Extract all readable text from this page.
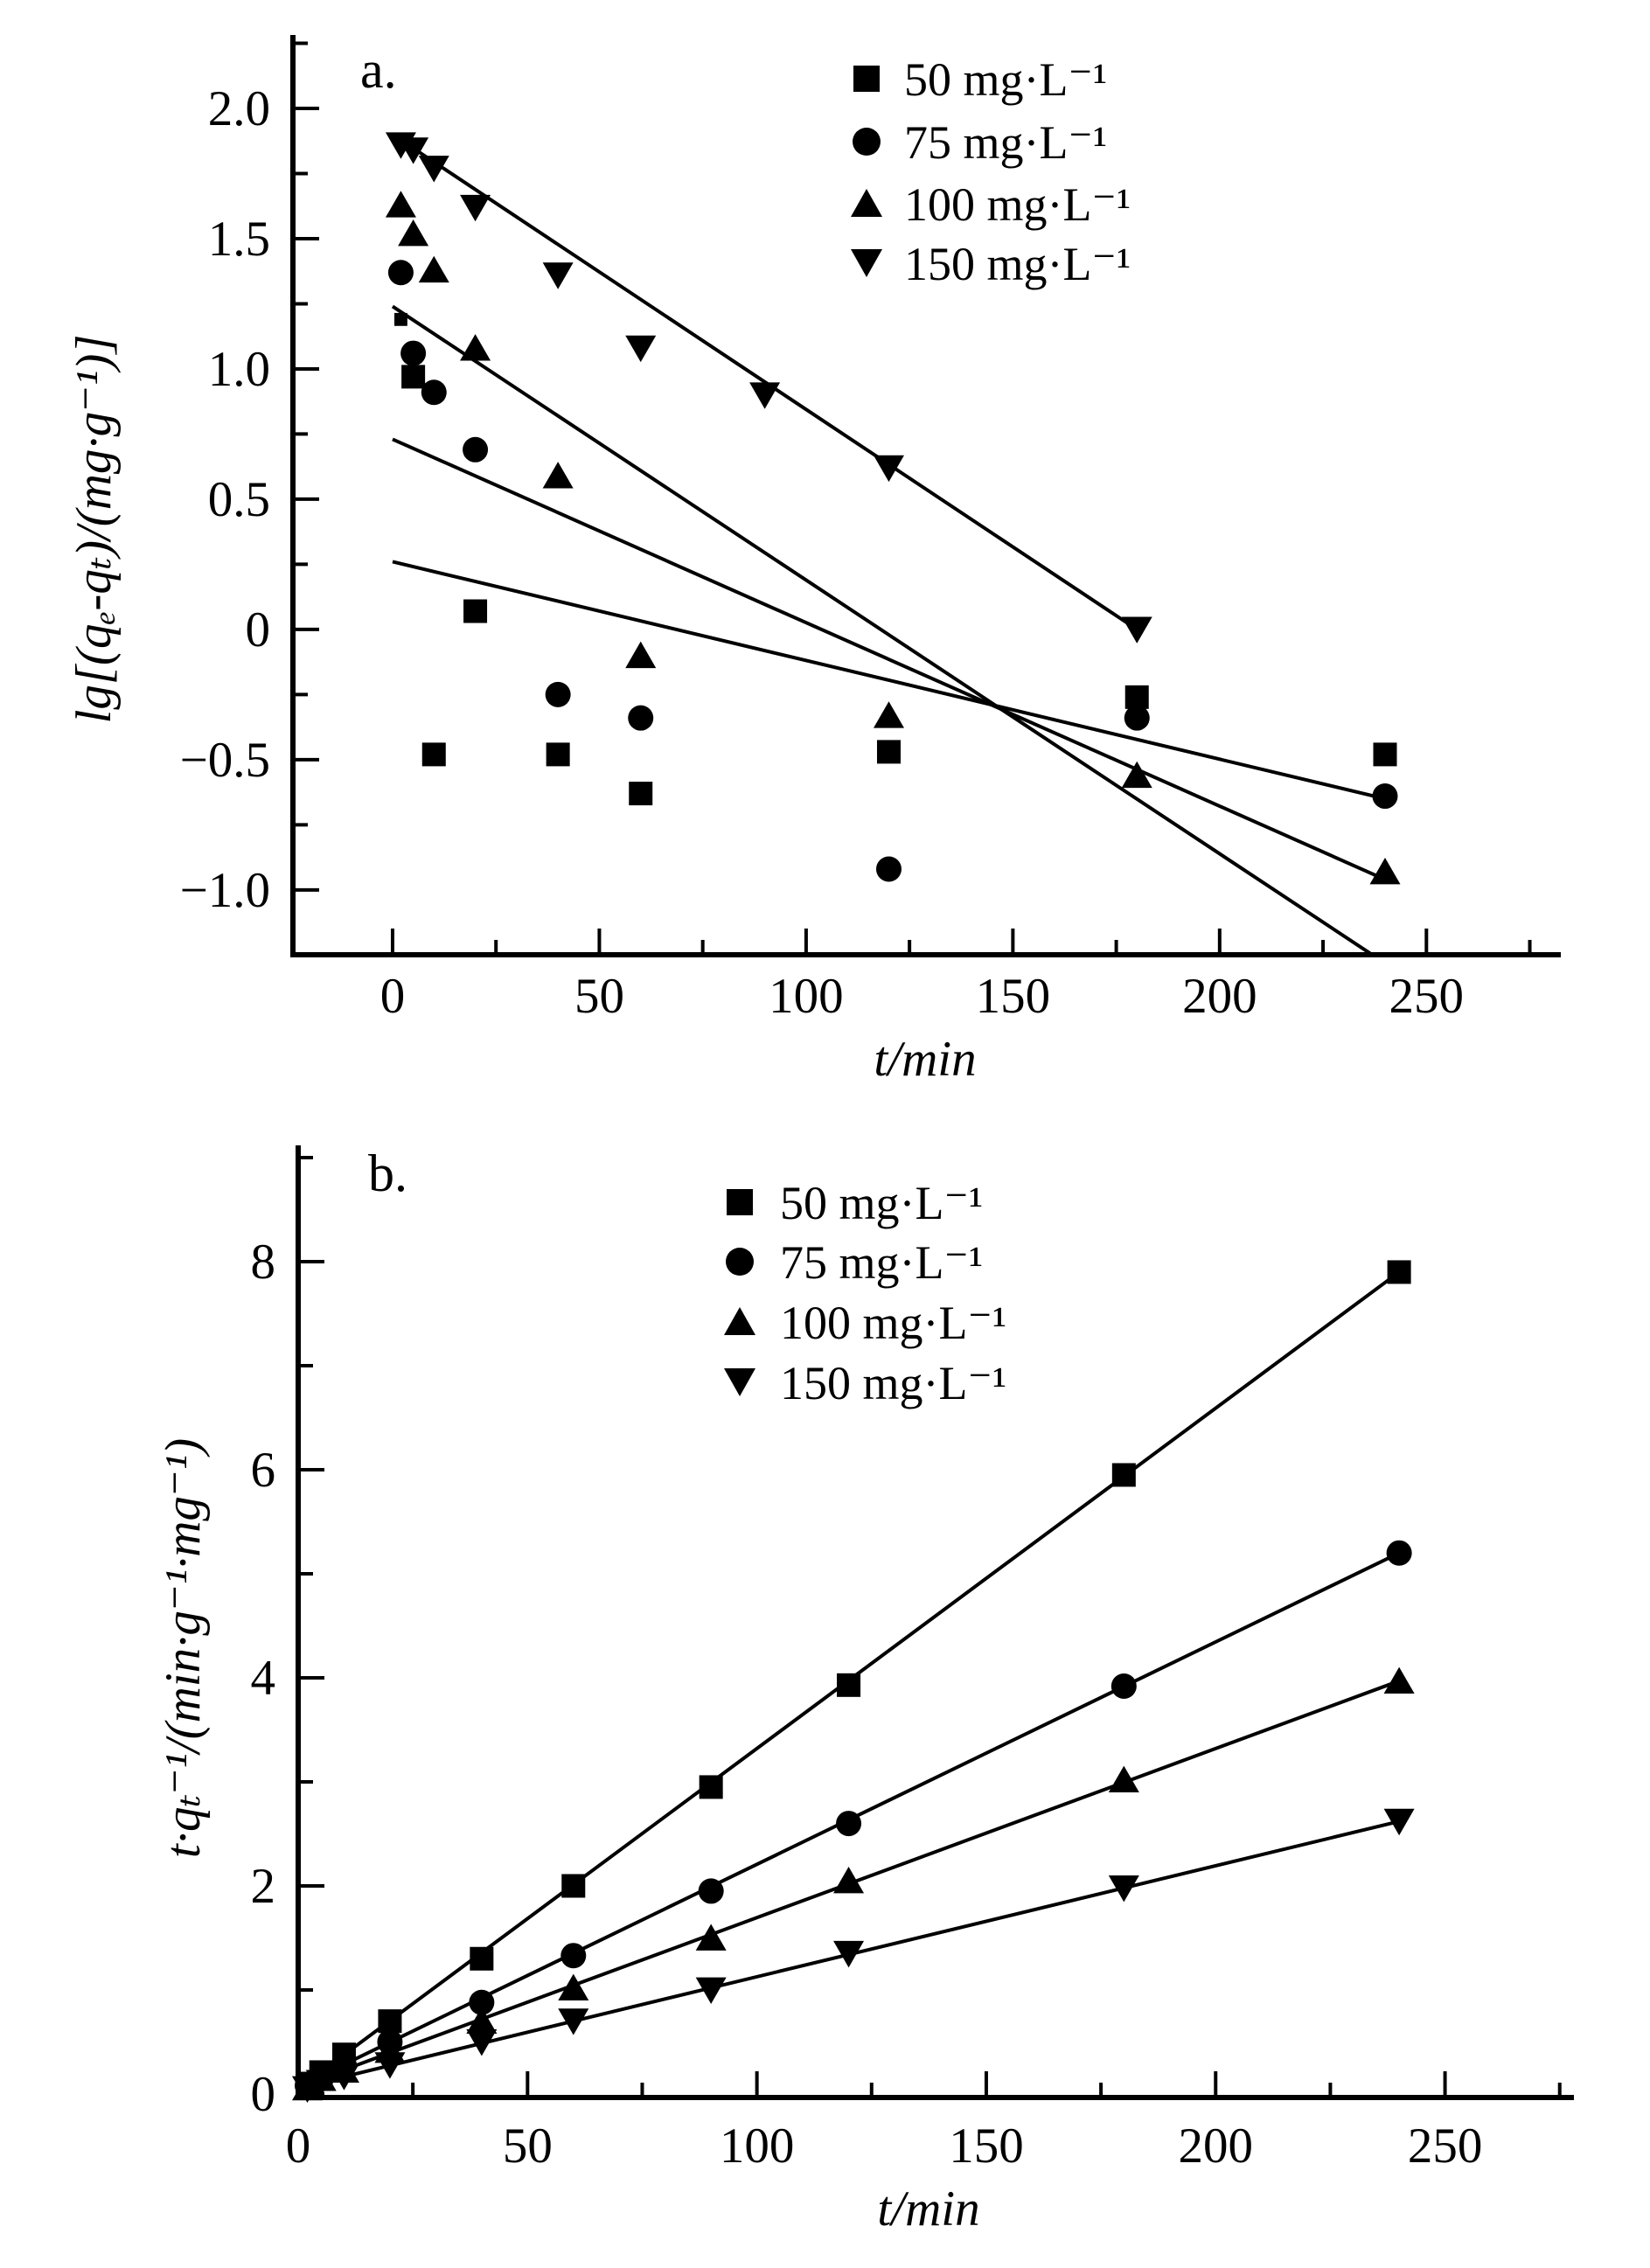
a.
t/min
lg[(qₑ-qₜ)/(mg·g⁻¹)]
50 mg·L⁻¹
75 mg·L⁻¹
100 mg·L⁻¹
150 mg·L⁻¹
2.0
1.5
1.0
0.5
0
−0.5
−1.0
0	50	100	150	200	250
b.
t/min
t·qₜ⁻¹/(min·g⁻¹·mg⁻¹)
50 mg·L⁻¹
75 mg·L⁻¹
100 mg·L⁻¹
150 mg·L⁻¹
0
2
4
6
8
0	50	100	150	200	250
